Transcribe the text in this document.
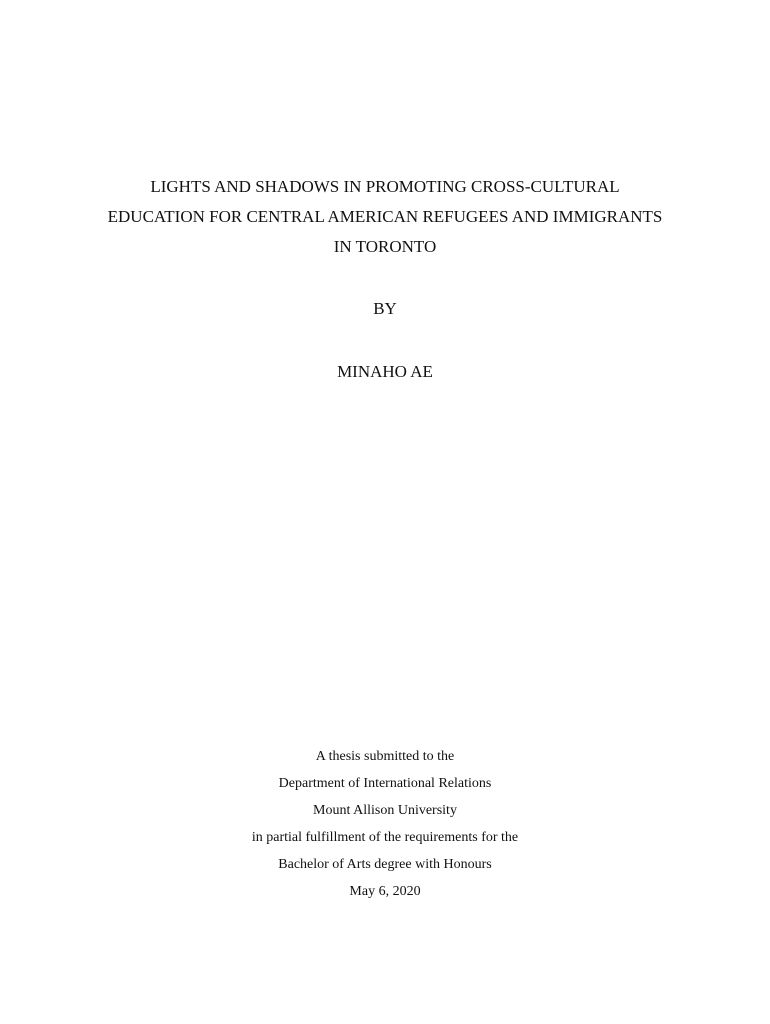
LIGHTS AND SHADOWS IN PROMOTING CROSS-CULTURAL
EDUCATION FOR CENTRAL AMERICAN REFUGEES AND IMMIGRANTS
IN TORONTO
BY
MINAHO AE
A thesis submitted to the
Department of International Relations
Mount Allison University
in partial fulfillment of the requirements for the
Bachelor of Arts degree with Honours
May 6, 2020
